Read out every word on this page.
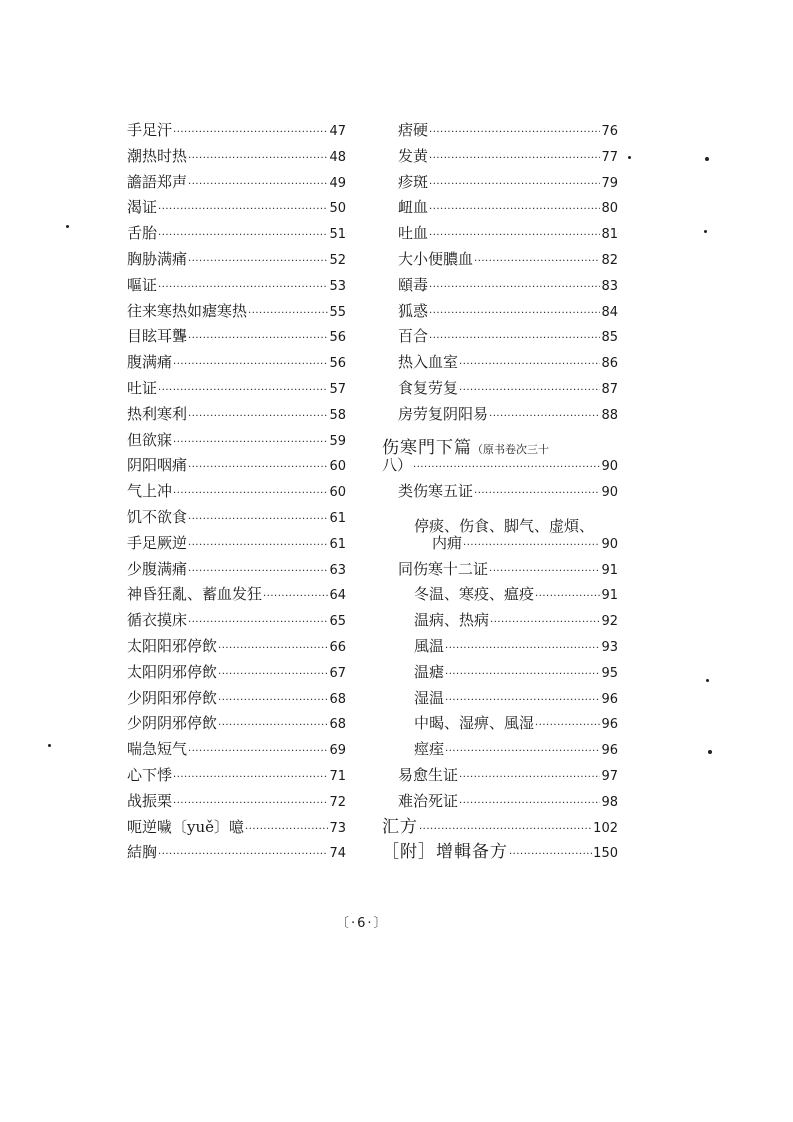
手足汗 ·····	47
潮热时热 ·····	48
譫語郑声 ·····	49
渴证 ·····	50
舌胎 ·····	51
胸胁满痛 ·····	52
嘔证 ·····	53
往来寒热如瘧寒热 ·····	55
目眩耳聾 ·····	56
腹满痛 ·····	56
吐证 ·····	57
热利寒利 ·····	58
但欲寐 ·····	59
阴阳咽痛 ·····	60
气上冲 ·····	60
饥不欲食 ·····	61
手足厥逆 ·····	61
少腹满痛 ·····	63
神昏狂亂、蓄血发狂 ·····	64
循衣摸床 ·····	65
太阳阳邪停飲 ·····	66
太阳阴邪停飲 ·····	67
少阴阳邪停飲 ·····	68
少阴阴邪停飲 ·····	68
喘急短气 ·····	69
心下悸 ·····	71
战振栗 ·····	72
呃逆噦〔yuě〕噫 ·····	73
結胸 ·····	74
痞硬 ·····	76
发黄 ·····	77
疹斑 ·····	79
衄血 ·····	80
吐血 ·····	81
大小便膿血 ·····	82
頤毒 ·····	83
狐惑 ·····	84
百合 ·····	85
热入血室 ·····	86
食复劳复 ·····	87
房劳复阴阳易 ·····	88
伤寒門下篇 （原书卷次三十
八） ·····	90
类伤寒五证 ·····	90
停痰、伤食、脚气、虚煩、
内痈 ·····	90
同伤寒十二证 ·····	91
冬温、寒疫、瘟疫 ·····	91
温病、热病 ·····	92
風温 ·····	93
温瘧 ·····	95
湿温 ·····	96
中暍、湿痹、風湿 ·····	96
痙痓 ·····	96
易愈生证 ·····	97
难治死证 ·····	98
汇方 ·····	102
［附］增輯备方 ·····	150
〔·6·〕
